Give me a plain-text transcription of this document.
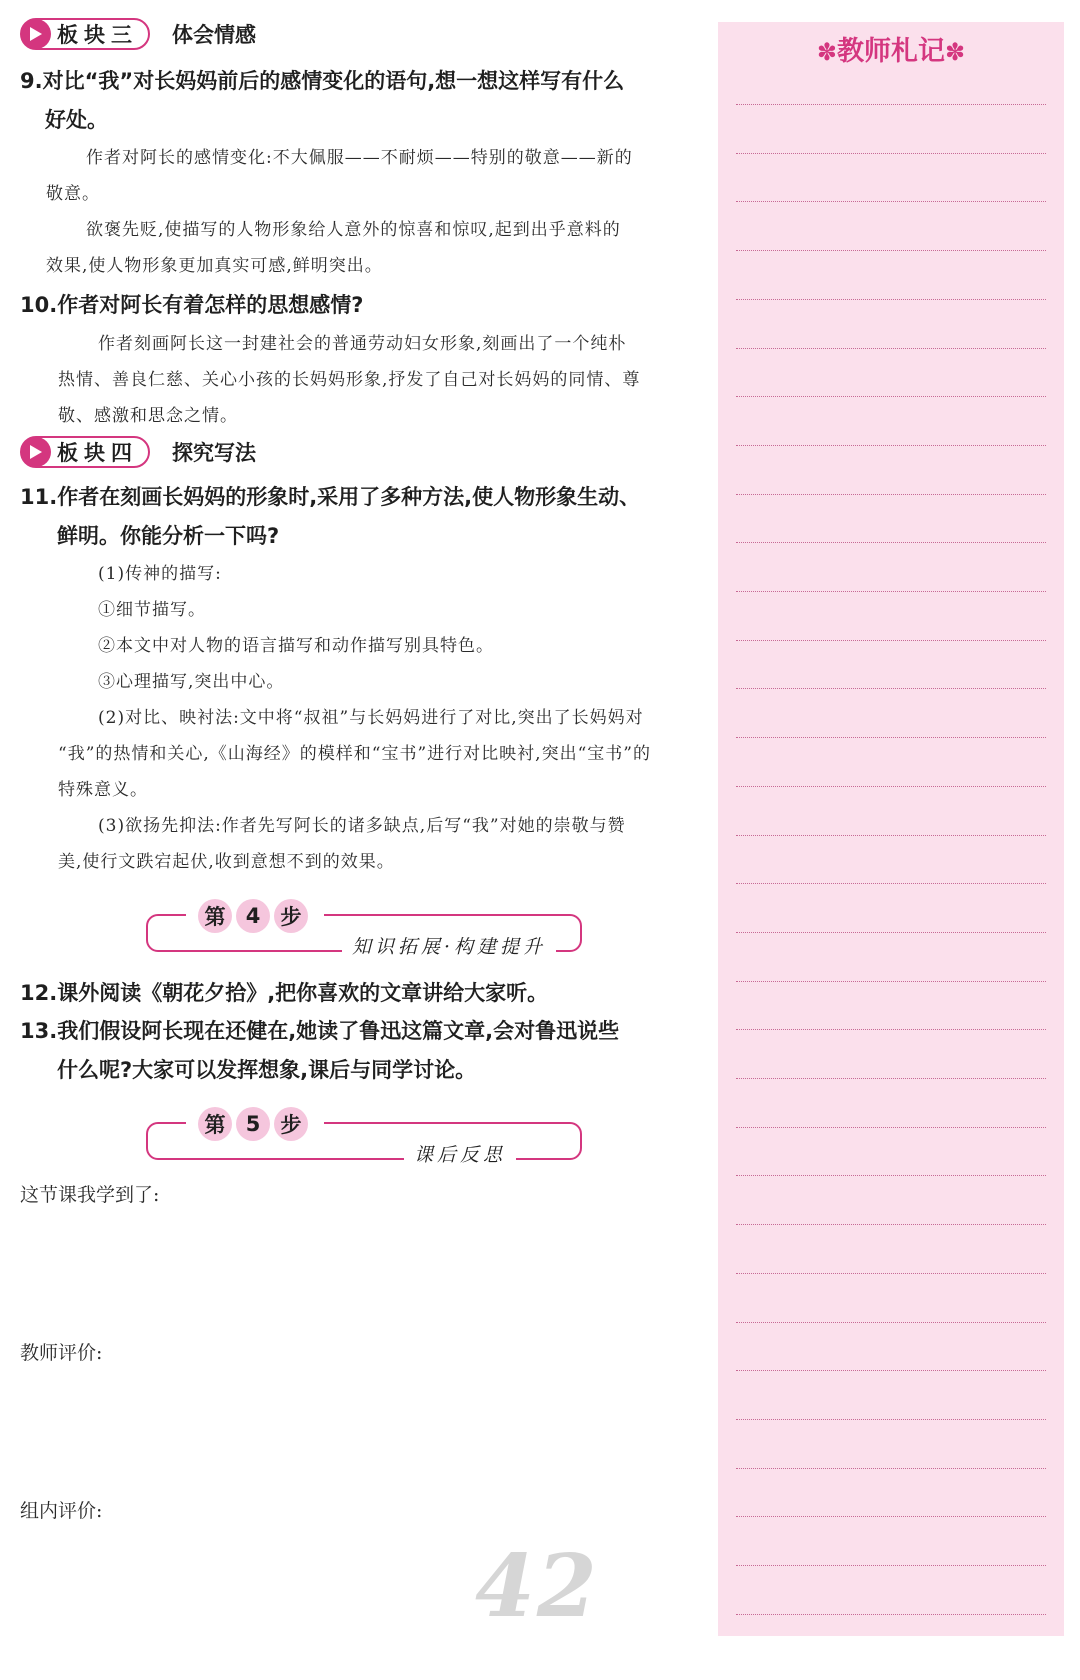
板块三 体会情感
9.对比“我”对长妈妈前后的感情变化的语句,想一想这样写有什么
好处。
作者对阿长的感情变化:不大佩服——不耐烦——特别的敬意——新的
敬意。
欲褒先贬,使描写的人物形象给人意外的惊喜和惊叹,起到出乎意料的
效果,使人物形象更加真实可感,鲜明突出。
10.作者对阿长有着怎样的思想感情?
作者刻画阿长这一封建社会的普通劳动妇女形象,刻画出了一个纯朴
热情、善良仁慈、关心小孩的长妈妈形象,抒发了自己对长妈妈的同情、尊
敬、感激和思念之情。
板块四 探究写法
11.作者在刻画长妈妈的形象时,采用了多种方法,使人物形象生动、
鲜明。你能分析一下吗?
(1)传神的描写:
①细节描写。
②本文中对人物的语言描写和动作描写别具特色。
③心理描写,突出中心。
(2)对比、映衬法:文中将“叔祖”与长妈妈进行了对比,突出了长妈妈对
“我”的热情和关心,《山海经》的模样和“宝书”进行对比映衬,突出“宝书”的
特殊意义。
(3)欲扬先抑法:作者先写阿长的诸多缺点,后写“我”对她的崇敬与赞
美,使行文跌宕起伏,收到意想不到的效果。
第 4 步
知识拓展·构建提升
12.课外阅读《朝花夕拾》,把你喜欢的文章讲给大家听。
13.我们假设阿长现在还健在,她读了鲁迅这篇文章,会对鲁迅说些
什么呢?大家可以发挥想象,课后与同学讨论。
第 5 步
课后反思
这节课我学到了:
教师评价:
组内评价:
42
✽教师札记✽
